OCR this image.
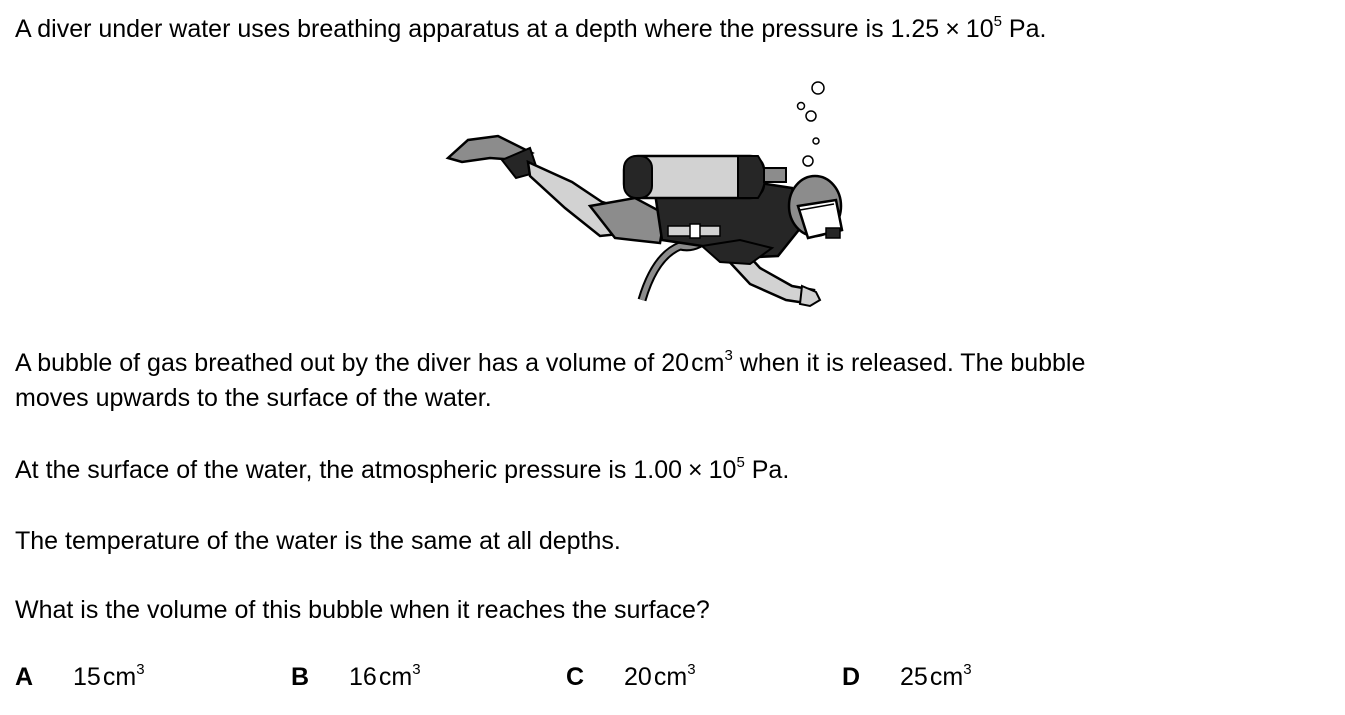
A diver under water uses breathing apparatus at a depth where the pressure is $1.25 \times 10^5$ Pa.

A bubble of gas breathed out by the diver has a volume of 20 $cm^3$ when it is released. The bubble

moves upwards to the surface of the water.

At the surface of the water, the atmospheric pressure is $1.00 \times 10^5$ Pa.

The temperature of the water is the same at all depths.

What is the volume of this bubble when it reaches the surface?

A 15 $cm^3$	B 16 $cm^3$	C 20 $cm^3$	D 25 $cm^3$
